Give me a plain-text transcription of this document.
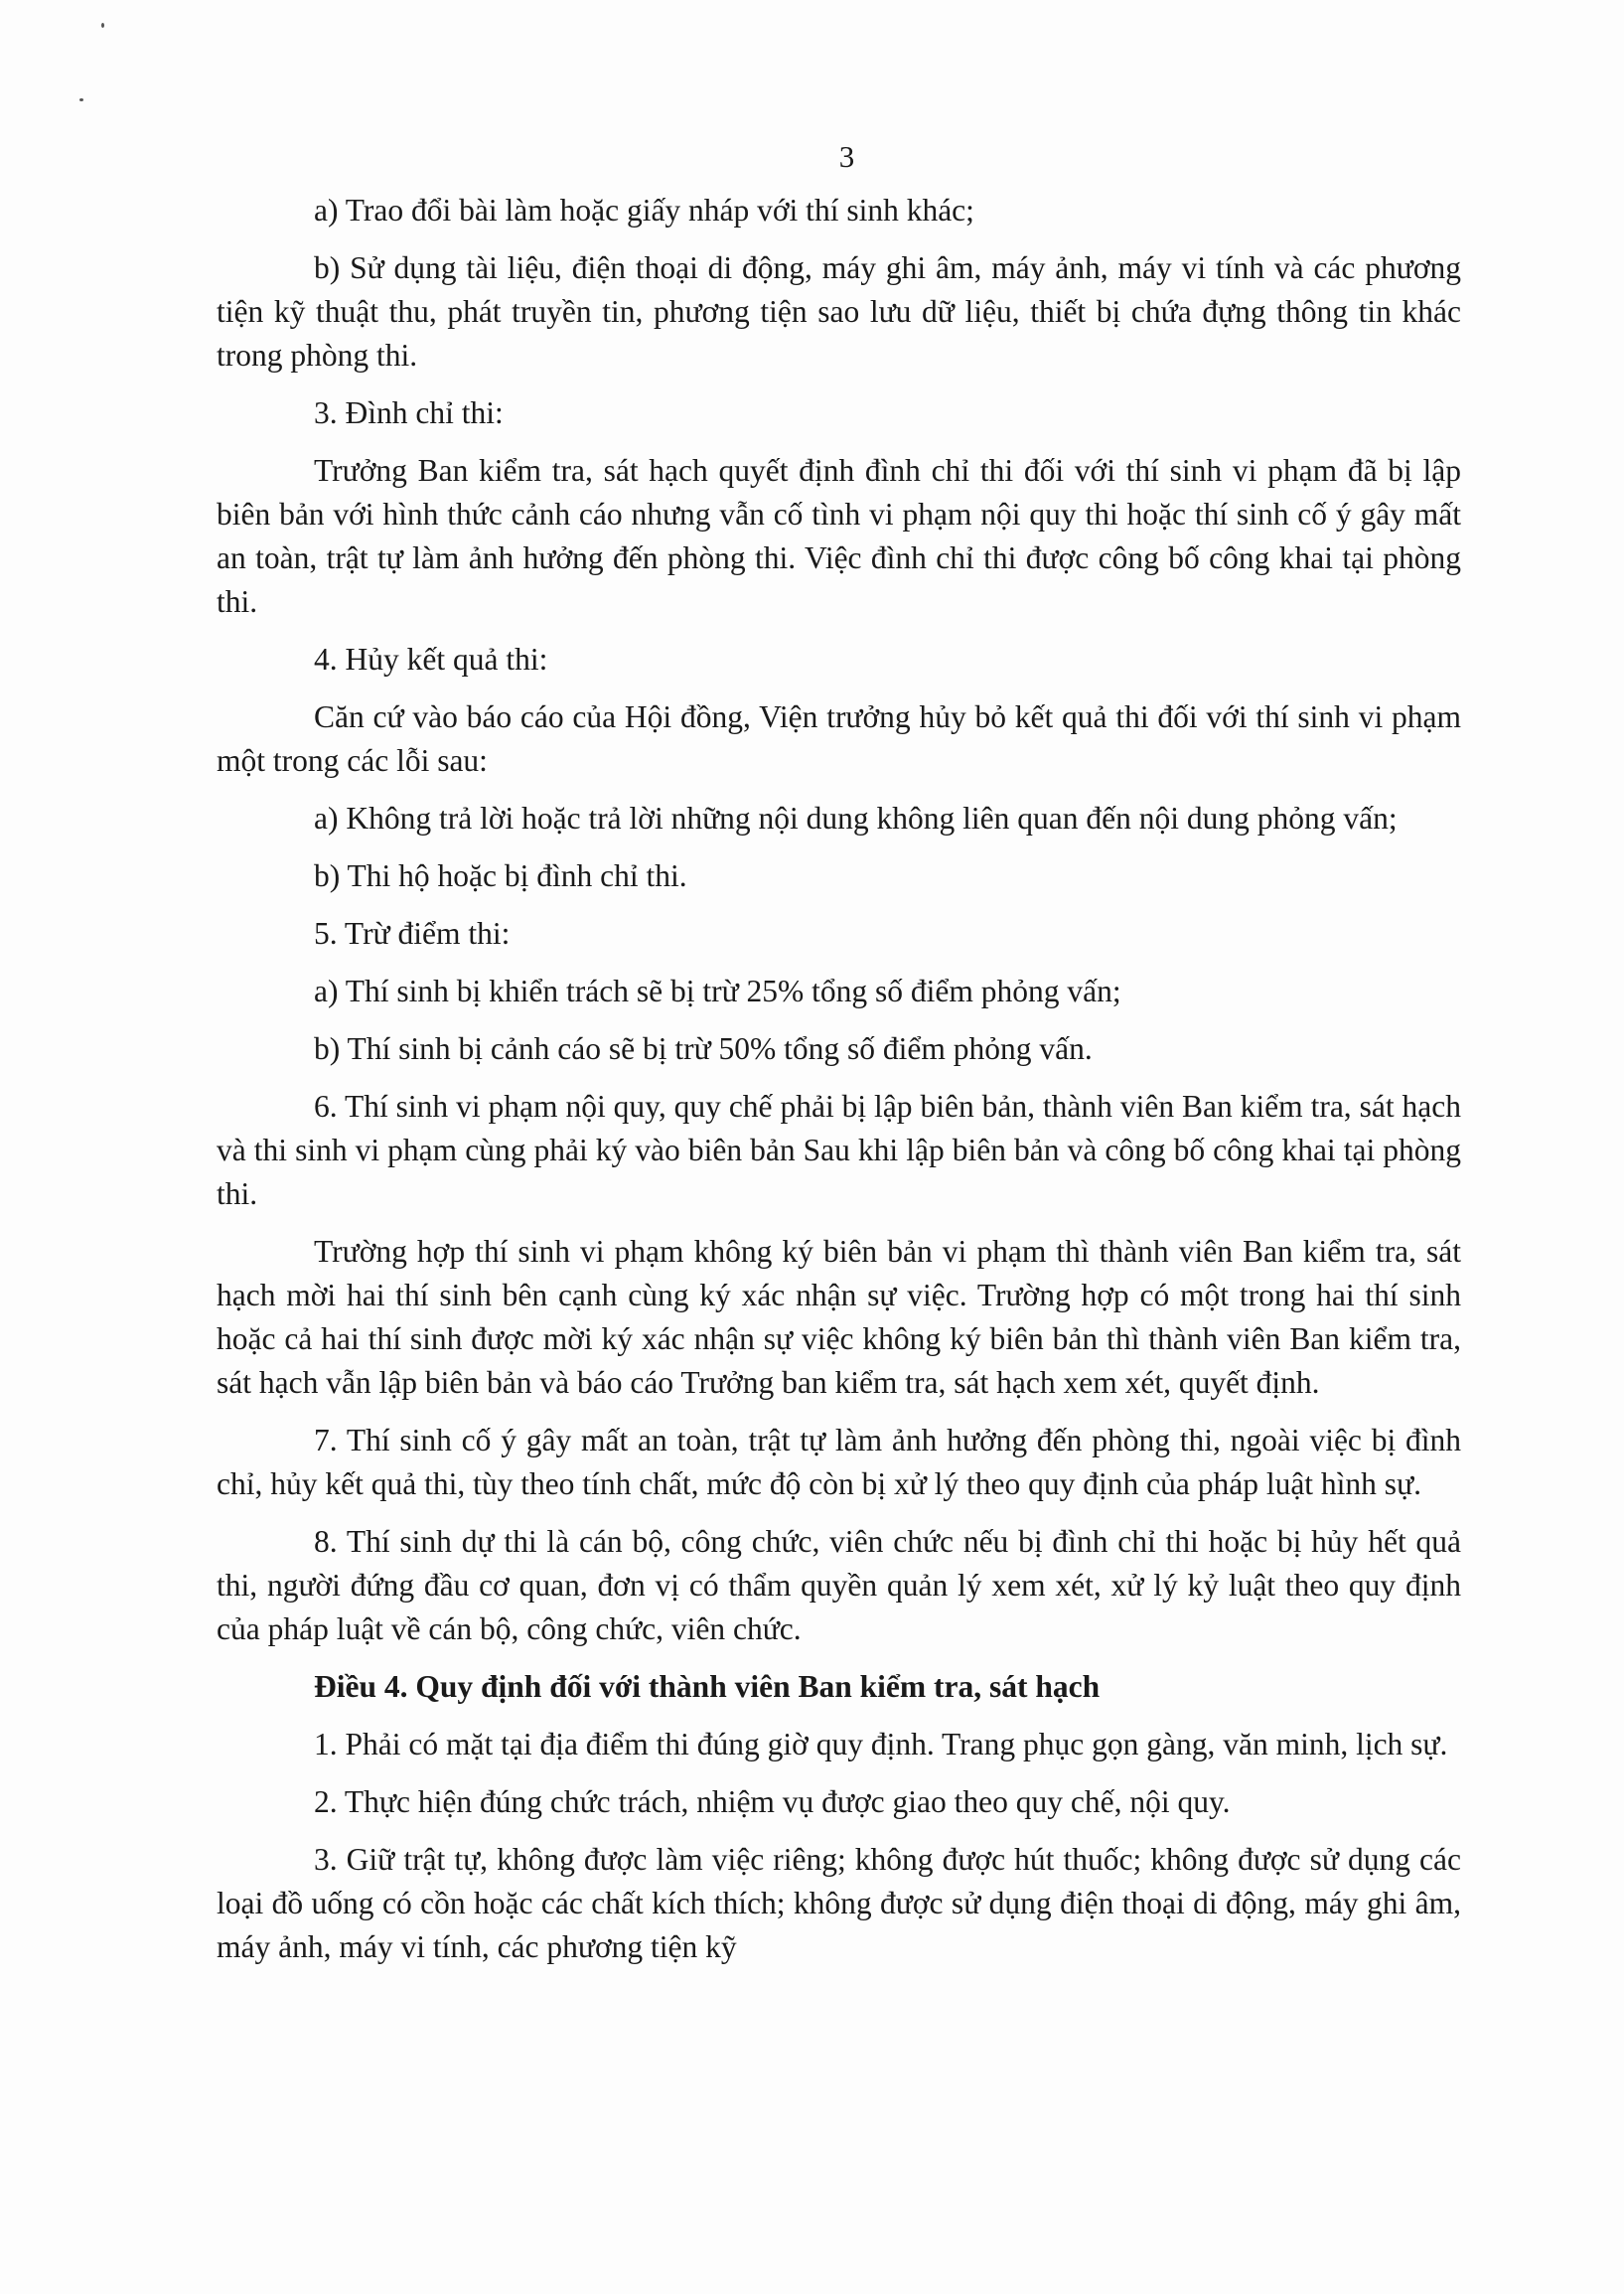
3

a) Trao đổi bài làm hoặc giấy nháp với thí sinh khác;

b) Sử dụng tài liệu, điện thoại di động, máy ghi âm, máy ảnh, máy vi tính và các phương tiện kỹ thuật thu, phát truyền tin, phương tiện sao lưu dữ liệu, thiết bị chứa đựng thông tin khác trong phòng thi.

3. Đình chỉ thi:

Trưởng Ban kiểm tra, sát hạch quyết định đình chỉ thi đối với thí sinh vi phạm đã bị lập biên bản với hình thức cảnh cáo nhưng vẫn cố tình vi phạm nội quy thi hoặc thí sinh cố ý gây mất an toàn, trật tự làm ảnh hưởng đến phòng thi. Việc đình chỉ thi được công bố công khai tại phòng thi.

4. Hủy kết quả thi:

Căn cứ vào báo cáo của Hội đồng, Viện trưởng hủy bỏ kết quả thi đối với thí sinh vi phạm một trong các lỗi sau:

a) Không trả lời hoặc trả lời những nội dung không liên quan đến nội dung phỏng vấn;

b) Thi hộ hoặc bị đình chỉ thi.

5. Trừ điểm thi:

a) Thí sinh bị khiển trách sẽ bị trừ 25% tổng số điểm phỏng vấn;

b) Thí sinh bị cảnh cáo sẽ bị trừ 50% tổng số điểm phỏng vấn.

6. Thí sinh vi phạm nội quy, quy chế phải bị lập biên bản, thành viên Ban kiểm tra, sát hạch và thi sinh vi phạm cùng phải ký vào biên bản Sau khi lập biên bản và công bố công khai tại phòng thi.

Trường hợp thí sinh vi phạm không ký biên bản vi phạm thì thành viên Ban kiểm tra, sát hạch mời hai thí sinh bên cạnh cùng ký xác nhận sự việc. Trường hợp có một trong hai thí sinh hoặc cả hai thí sinh được mời ký xác nhận sự việc không ký biên bản thì thành viên Ban kiểm tra, sát hạch vẫn lập biên bản và báo cáo Trưởng ban kiểm tra, sát hạch xem xét, quyết định.

7. Thí sinh cố ý gây mất an toàn, trật tự làm ảnh hưởng đến phòng thi, ngoài việc bị đình chỉ, hủy kết quả thi, tùy theo tính chất, mức độ còn bị xử lý theo quy định của pháp luật hình sự.

8. Thí sinh dự thi là cán bộ, công chức, viên chức nếu bị đình chỉ thi hoặc bị hủy hết quả thi, người đứng đầu cơ quan, đơn vị có thẩm quyền quản lý xem xét, xử lý kỷ luật theo quy định của pháp luật về cán bộ, công chức, viên chức.

Điều 4. Quy định đối với thành viên Ban kiểm tra, sát hạch

1. Phải có mặt tại địa điểm thi đúng giờ quy định. Trang phục gọn gàng, văn minh, lịch sự.

2. Thực hiện đúng chức trách, nhiệm vụ được giao theo quy chế, nội quy.

3. Giữ trật tự, không được làm việc riêng; không được hút thuốc; không được sử dụng các loại đồ uống có cồn hoặc các chất kích thích; không được sử dụng điện thoại di động, máy ghi âm, máy ảnh, máy vi tính, các phương tiện kỹ
